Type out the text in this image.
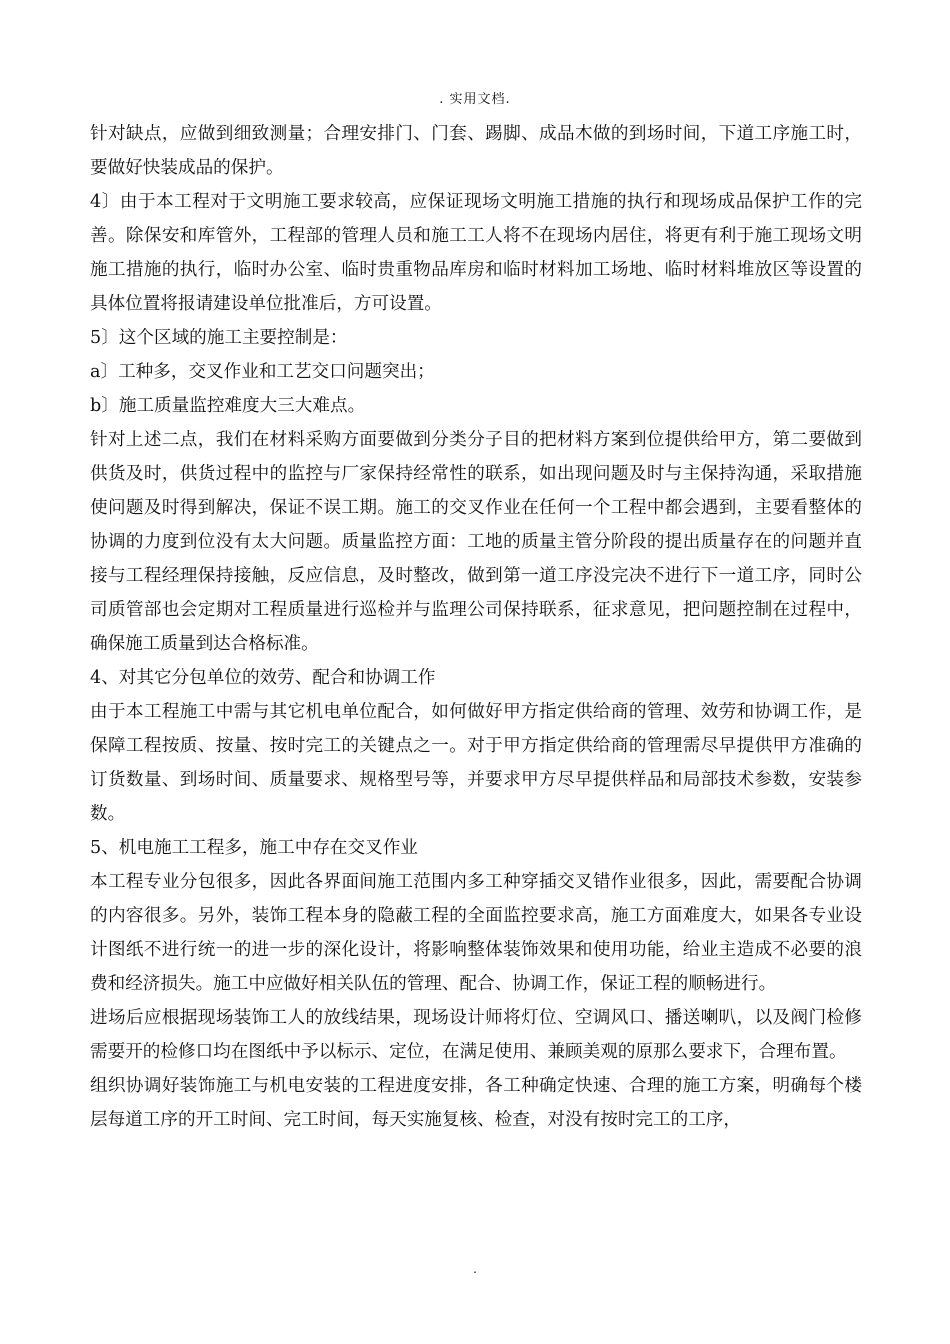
. 实用文档.

针对缺点，应做到细致测量；合理安排门、门套、踢脚、成品木做的到场时间，下道工序施工时，要做好快装成品的保护。

4〕由于本工程对于文明施工要求较高，应保证现场文明施工措施的执行和现场成品保护工作的完善。除保安和库管外，工程部的管理人员和施工工人将不在现场内居住，将更有利于施工现场文明施工措施的执行，临时办公室、临时贵重物品库房和临时材料加工场地、临时材料堆放区等设置的具体位置将报请建设单位批准后，方可设置。

5〕这个区域的施工主要控制是：

a〕工种多，交叉作业和工艺交口问题突出；

b〕施工质量监控难度大三大难点。

针对上述二点，我们在材料采购方面要做到分类分子目的把材料方案到位提供给甲方，第二要做到供货及时，供货过程中的监控与厂家保持经常性的联系，如出现问题及时与主保持沟通，采取措施使问题及时得到解决，保证不误工期。施工的交叉作业在任何一个工程中都会遇到，主要看整体的协调的力度到位没有太大问题。质量监控方面：工地的质量主管分阶段的提出质量存在的问题并直接与工程经理保持接触，反应信息，及时整改，做到第一道工序没完决不进行下一道工序，同时公司质管部也会定期对工程质量进行巡检并与监理公司保持联系，征求意见，把问题控制在过程中，确保施工质量到达合格标准。

4、对其它分包单位的效劳、配合和协调工作

由于本工程施工中需与其它机电单位配合，如何做好甲方指定供给商的管理、效劳和协调工作，是保障工程按质、按量、按时完工的关键点之一。对于甲方指定供给商的管理需尽早提供甲方准确的订货数量、到场时间、质量要求、规格型号等，并要求甲方尽早提供样品和局部技术参数，安装参数。

5、机电施工工程多，施工中存在交叉作业

本工程专业分包很多，因此各界面间施工范围内多工种穿插交叉错作业很多，因此，需要配合协调的内容很多。另外，装饰工程本身的隐蔽工程的全面监控要求高，施工方面难度大，如果各专业设计图纸不进行统一的进一步的深化设计，将影响整体装饰效果和使用功能，给业主造成不必要的浪费和经济损失。施工中应做好相关队伍的管理、配合、协调工作，保证工程的顺畅进行。

进场后应根据现场装饰工人的放线结果，现场设计师将灯位、空调风口、播送喇叭，以及阀门检修需要开的检修口均在图纸中予以标示、定位，在满足使用、兼顾美观的原那么要求下，合理布置。

组织协调好装饰施工与机电安装的工程进度安排，各工种确定快速、合理的施工方案，明确每个楼层每道工序的开工时间、完工时间，每天实施复核、检查，对没有按时完工的工序，

.
